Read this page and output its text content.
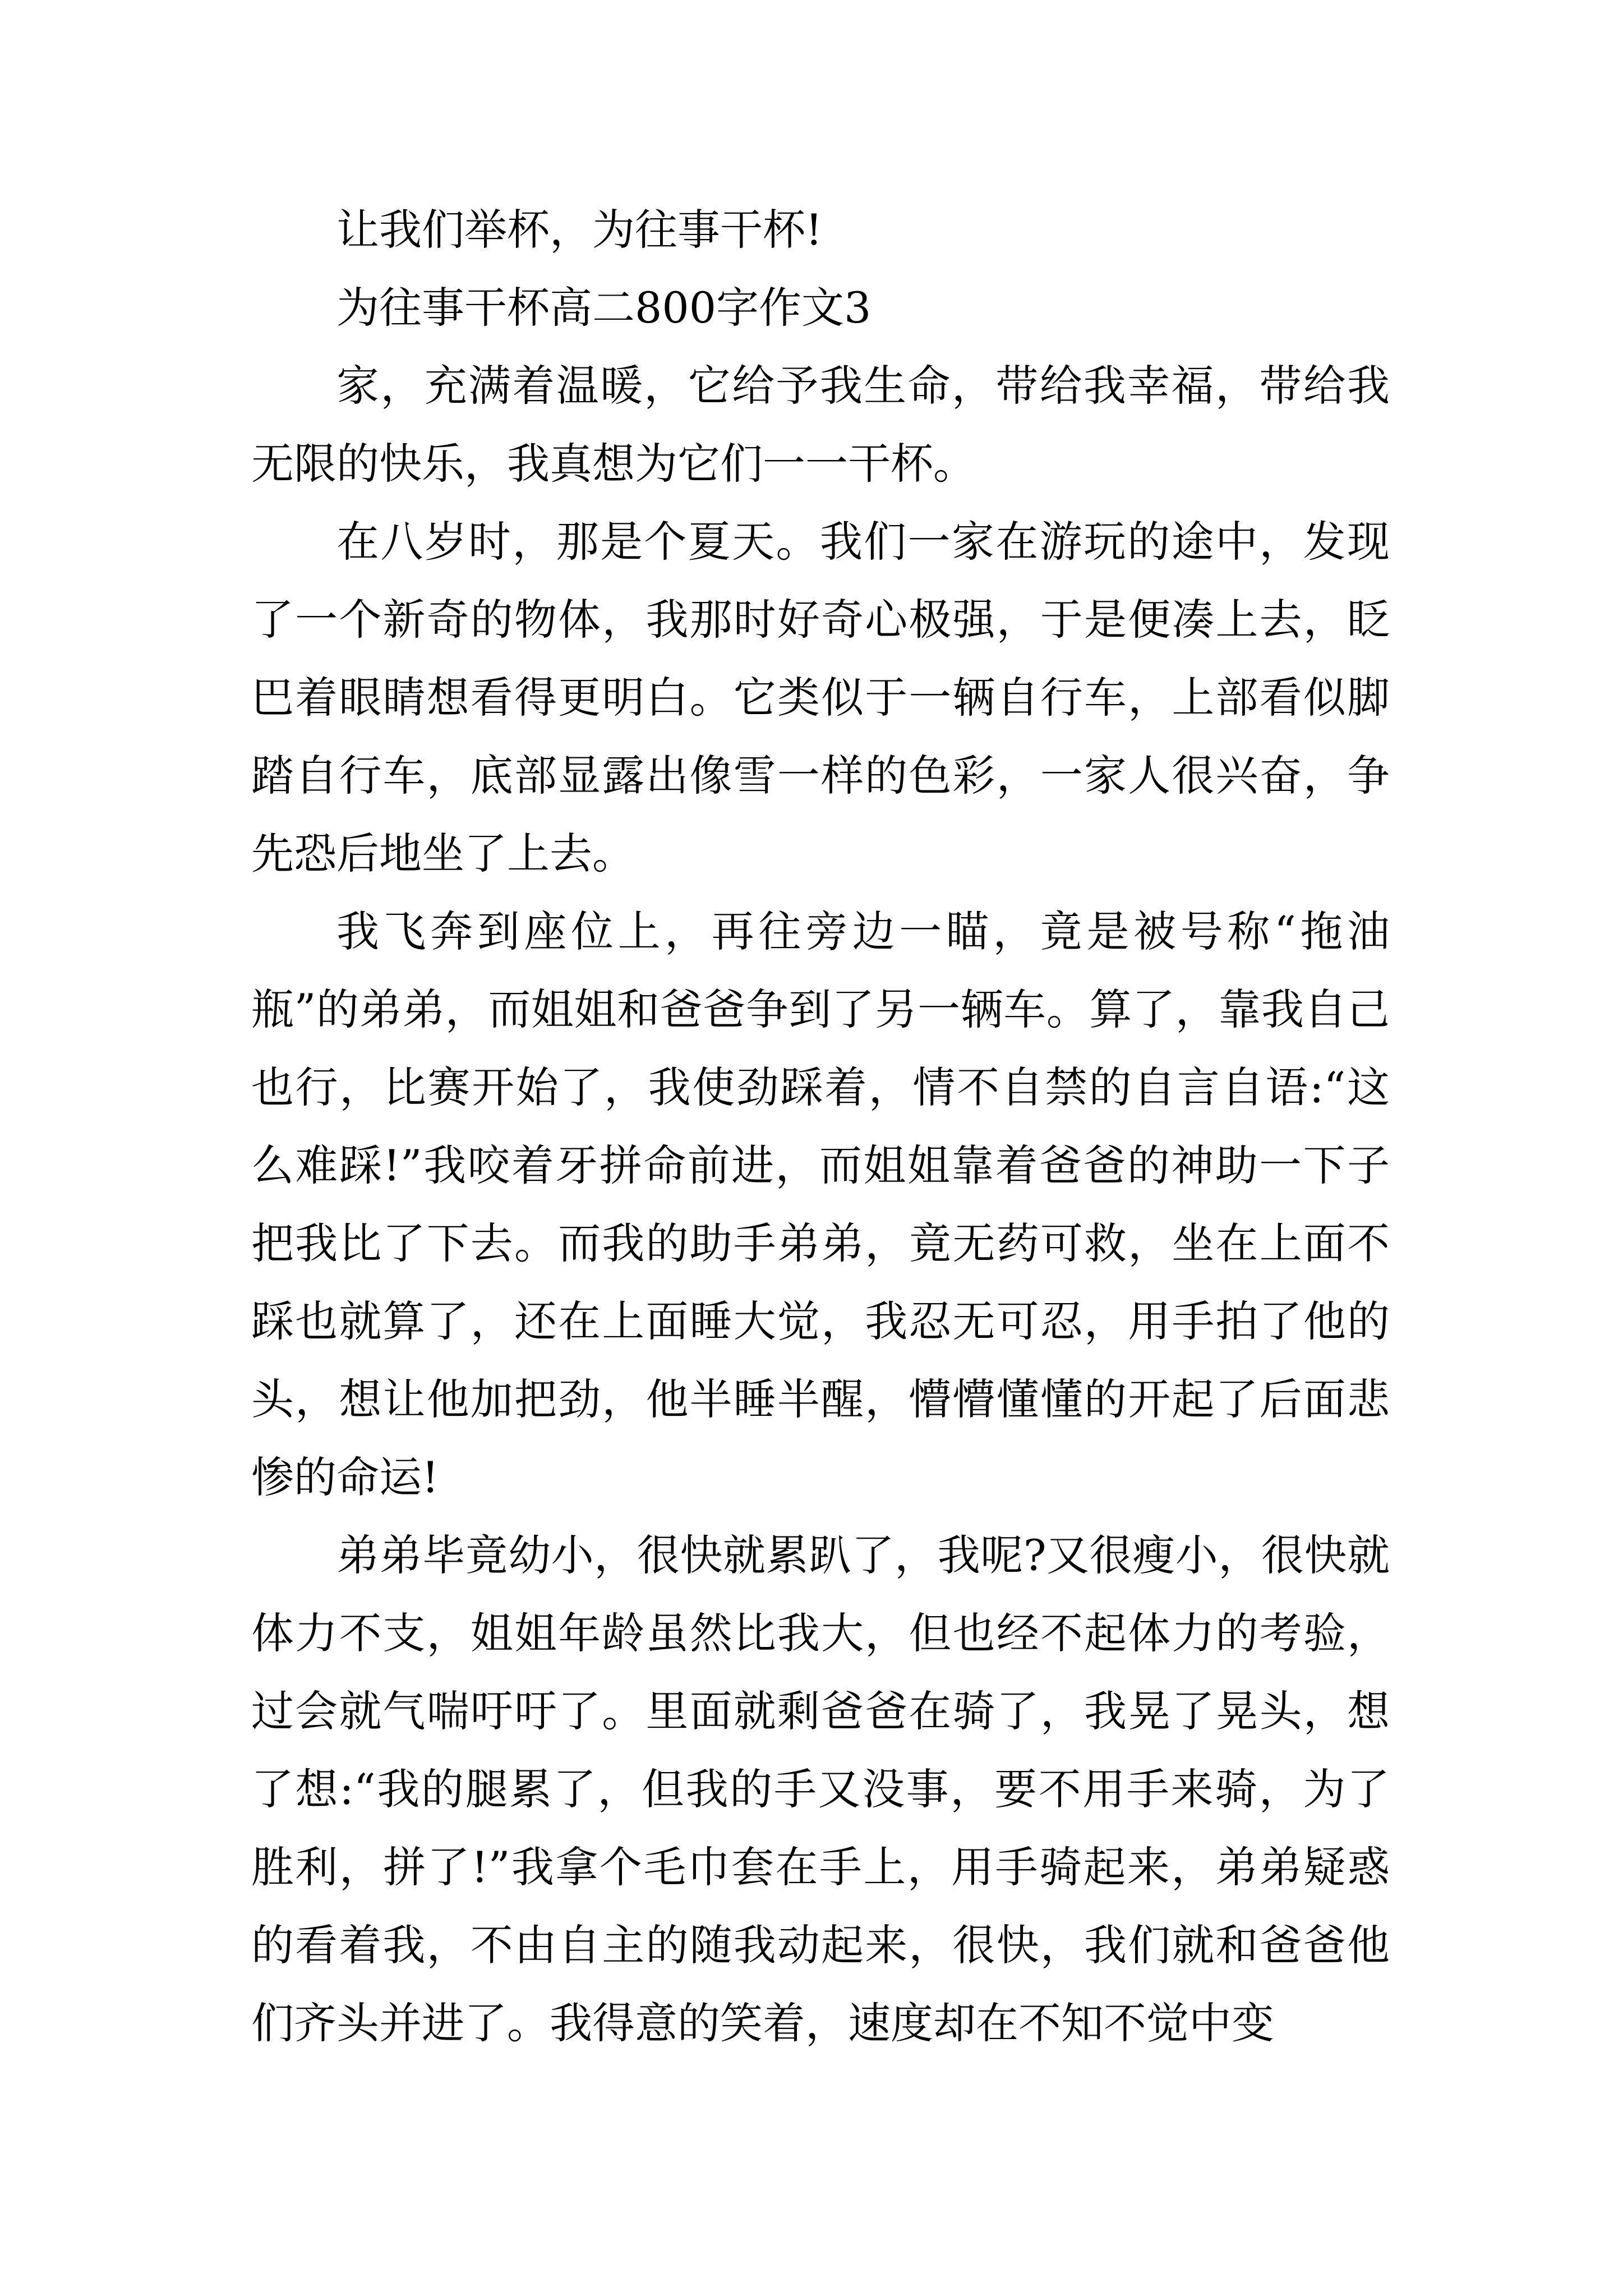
让我们举杯，为往事干杯!

为往事干杯高二800字作文3

家，充满着温暖，它给予我生命，带给我幸福，带给我无限的快乐，我真想为它们一一干杯。

在八岁时，那是个夏天。我们一家在游玩的途中，发现了一个新奇的物体，我那时好奇心极强，于是便凑上去，眨巴着眼睛想看得更明白。它类似于一辆自行车，上部看似脚踏自行车，底部显露出像雪一样的色彩，一家人很兴奋，争先恐后地坐了上去。

我飞奔到座位上，再往旁边一瞄，竟是被号称“拖油瓶”的弟弟，而姐姐和爸爸争到了另一辆车。算了，靠我自己也行，比赛开始了，我使劲踩着，情不自禁的自言自语:“这么难踩!”我咬着牙拼命前进，而姐姐靠着爸爸的神助一下子把我比了下去。而我的助手弟弟，竟无药可救，坐在上面不踩也就算了，还在上面睡大觉，我忍无可忍，用手拍了他的头，想让他加把劲，他半睡半醒，懵懵懂懂的开起了后面悲惨的命运!

弟弟毕竟幼小，很快就累趴了，我呢?又很瘦小，很快就体力不支，姐姐年龄虽然比我大，但也经不起体力的考验，过会就气喘吁吁了。里面就剩爸爸在骑了，我晃了晃头，想了想:“我的腿累了，但我的手又没事，要不用手来骑，为了胜利，拼了!”我拿个毛巾套在手上，用手骑起来，弟弟疑惑的看着我，不由自主的随我动起来，很快，我们就和爸爸他们齐头并进了。我得意的笑着，速度却在不知不觉中变
